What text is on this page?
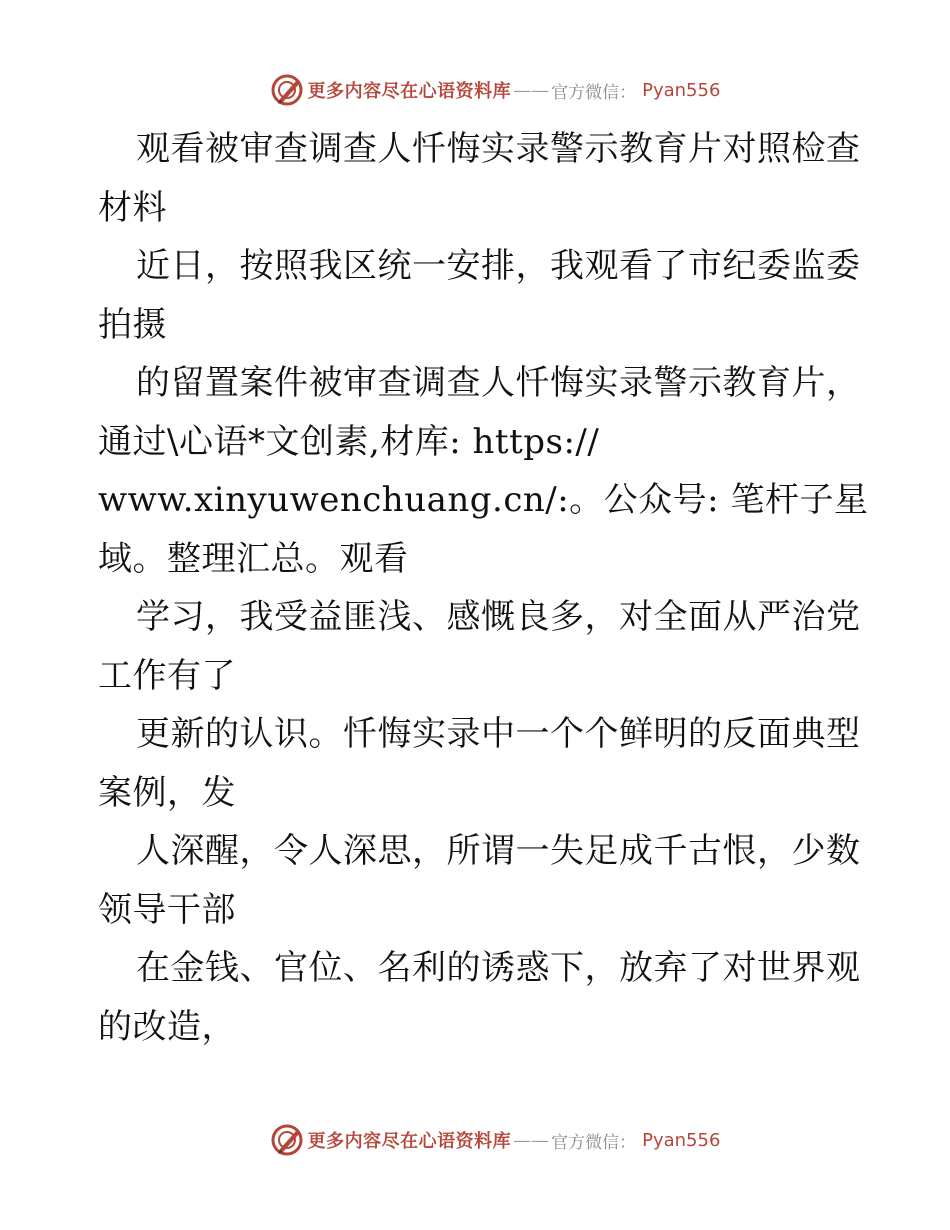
更多内容尽在心语资料库 —— 官方微信： Pyan556
观看被审查调查人忏悔实录警示教育片对照检查
材料
近日，按照我区统一安排，我观看了市纪委监委
拍摄
的留置案件被审查调查人忏悔实录警示教育片，
通过\心语*文创素,材库: https://
www.xinyuwenchuang.cn/:。公众号: 笔杆子星
域。整理汇总。观看
学习，我受益匪浅、感慨良多，对全面从严治党
工作有了
更新的认识。忏悔实录中一个个鲜明的反面典型
案例，发
人深醒，令人深思，所谓一失足成千古恨，少数
领导干部
在金钱、官位、名利的诱惑下，放弃了对世界观
的改造，
更多内容尽在心语资料库 —— 官方微信： Pyan556
